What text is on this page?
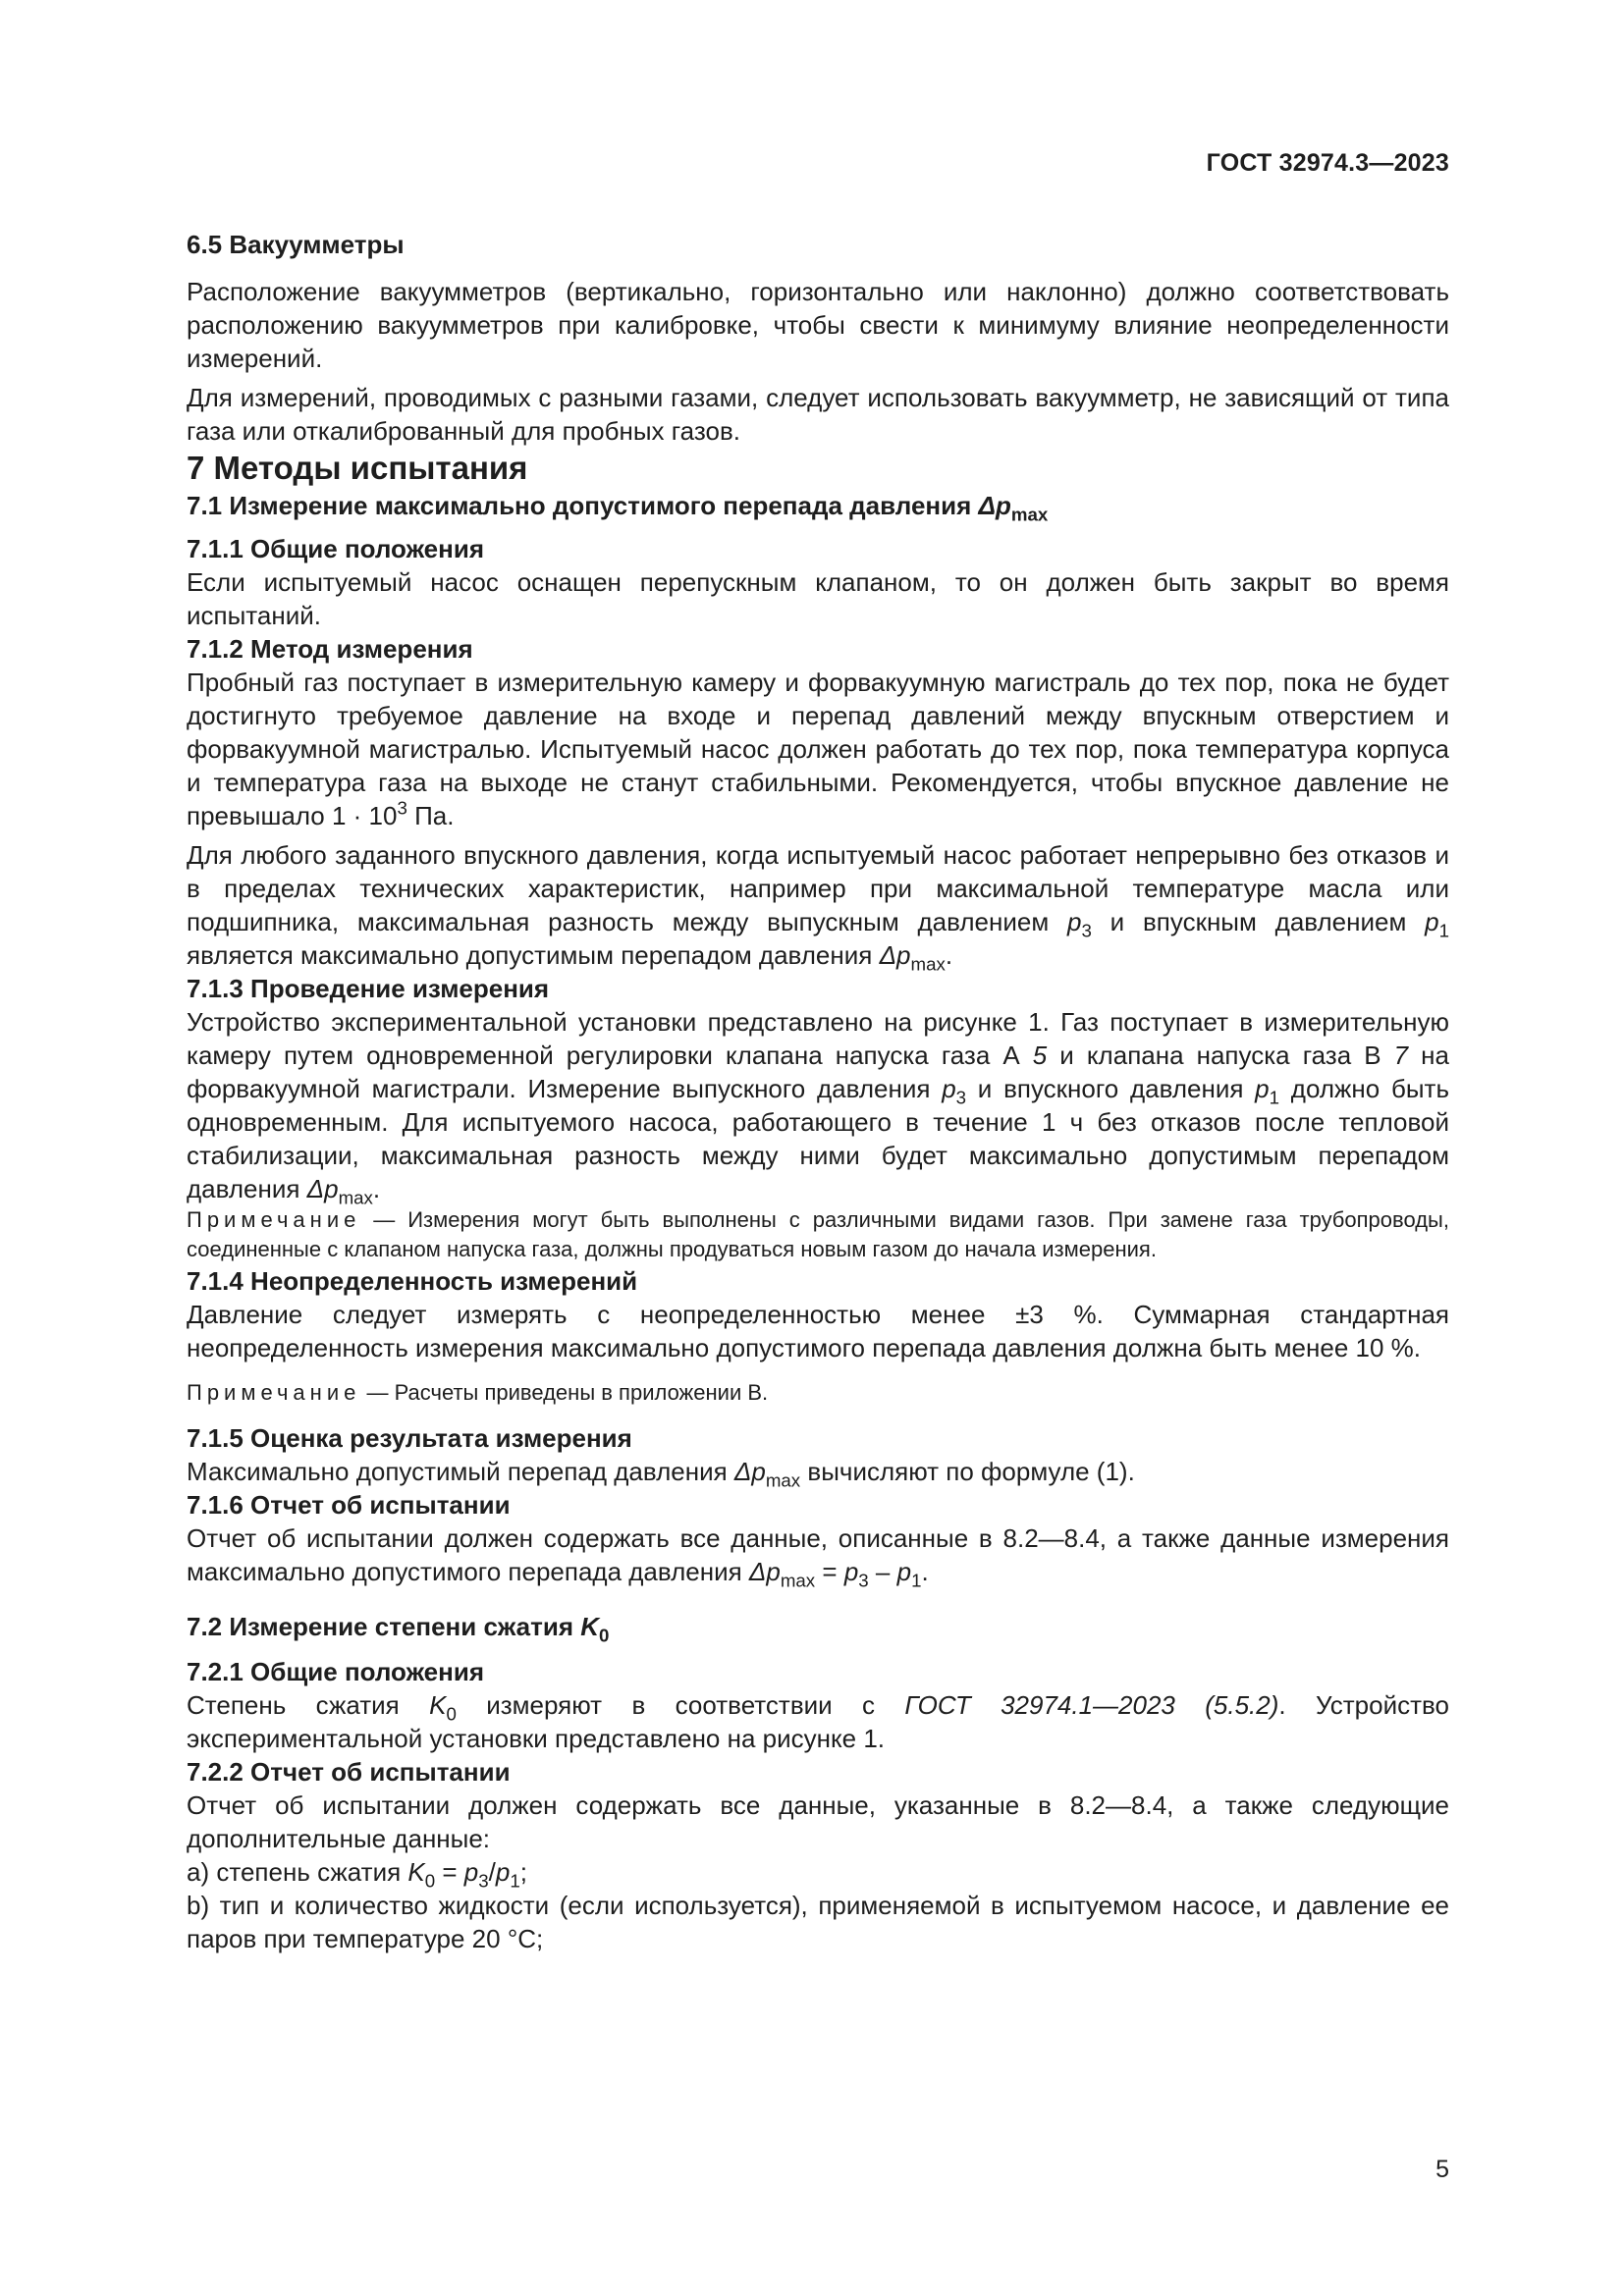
ГОСТ 32974.3—2023

6.5 Вакуумметры

Расположение вакуумметров (вертикально, горизонтально или наклонно) должно соответствовать расположению вакуумметров при калибровке, чтобы свести к минимуму влияние неопределенности измерений.

Для измерений, проводимых с разными газами, следует использовать вакуумметр, не зависящий от типа газа или откалиброванный для пробных газов.

7 Методы испытания

7.1 Измерение максимально допустимого перепада давления $\Delta p_{max}$

7.1.1 Общие положения

Если испытуемый насос оснащен перепускным клапаном, то он должен быть закрыт во время испытаний.

7.1.2 Метод измерения

Пробный газ поступает в измерительную камеру и форвакуумную магистраль до тех пор, пока не будет достигнуто требуемое давление на входе и перепад давлений между впускным отверстием и форвакуумной магистралью. Испытуемый насос должен работать до тех пор, пока температура корпуса и температура газа на выходе не станут стабильными. Рекомендуется, чтобы впускное давление не превышало $1 \cdot 10^3$ Па.

Для любого заданного впускного давления, когда испытуемый насос работает непрерывно без отказов и в пределах технических характеристик, например при максимальной температуре масла или подшипника, максимальная разность между выпускным давлением $p_3$ и впускным давлением $p_1$ является максимально допустимым перепадом давления $\Delta p_{max}$.

7.1.3 Проведение измерения

Устройство экспериментальной установки представлено на рисунке 1. Газ поступает в измерительную камеру путем одновременной регулировки клапана напуска газа А 5 и клапана напуска газа В 7 на форвакуумной магистрали. Измерение выпускного давления $p_3$ и впускного давления $p_1$ должно быть одновременным. Для испытуемого насоса, работающего в течение 1 ч без отказов после тепловой стабилизации, максимальная разность между ними будет максимально допустимым перепадом давления $\Delta p_{max}$.

Примечание — Измерения могут быть выполнены с различными видами газов. При замене газа трубопроводы, соединенные с клапаном напуска газа, должны продуваться новым газом до начала измерения.

7.1.4 Неопределенность измерений

Давление следует измерять с неопределенностью менее ±3 %. Суммарная стандартная неопределенность измерения максимально допустимого перепада давления должна быть менее 10 %.

Примечание — Расчеты приведены в приложении В.

7.1.5 Оценка результата измерения

Максимально допустимый перепад давления $\Delta p_{max}$ вычисляют по формуле (1).

7.1.6 Отчет об испытании

Отчет об испытании должен содержать все данные, описанные в 8.2—8.4, а также данные измерения максимально допустимого перепада давления $\Delta p_{max} = p_3 - p_1$.

7.2 Измерение степени сжатия $K_0$

7.2.1 Общие положения

Степень сжатия $K_0$ измеряют в соответствии с ГОСТ 32974.1—2023 (5.5.2). Устройство экспериментальной установки представлено на рисунке 1.

7.2.2 Отчет об испытании

Отчет об испытании должен содержать все данные, указанные в 8.2—8.4, а также следующие дополнительные данные:

а) степень сжатия $K_0 = p_3/p_1$;

b) тип и количество жидкости (если используется), применяемой в испытуемом насосе, и давление ее паров при температуре 20 °C;

5
